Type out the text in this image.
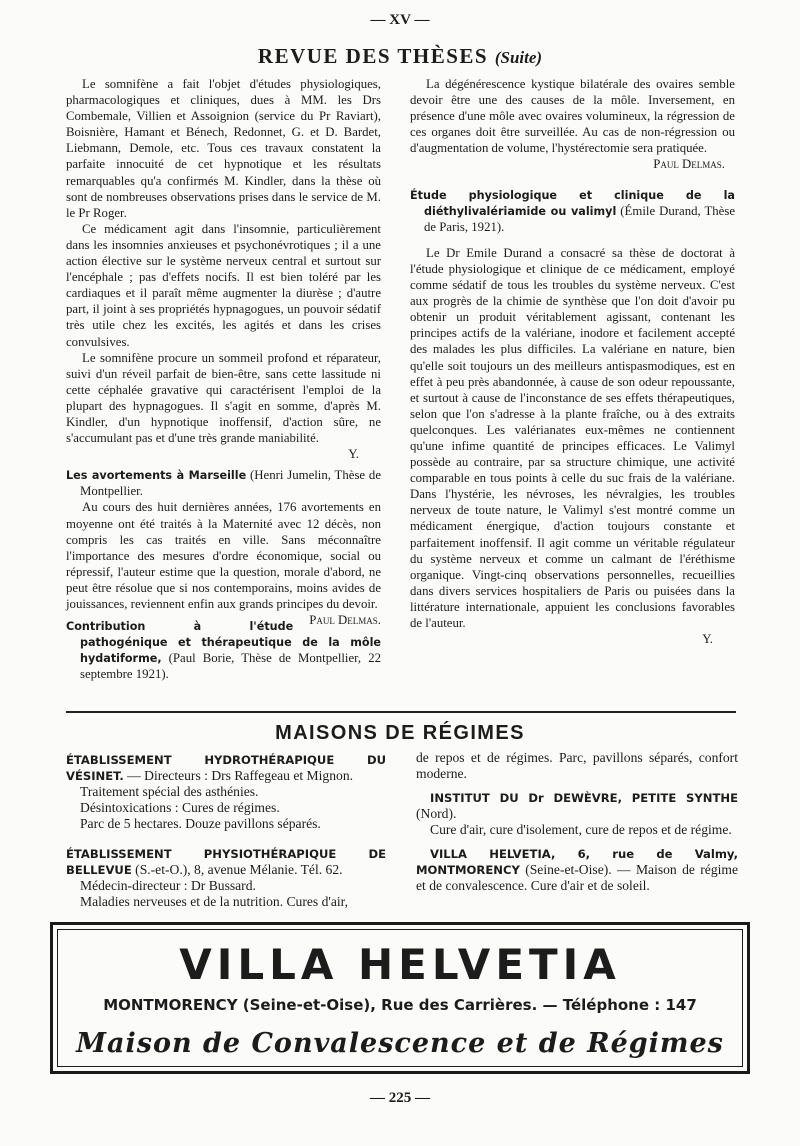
— XV —
REVUE DES THÈSES (Suite)

Le somnifène a fait l'objet d'études physiologiques, pharmacologiques et cliniques, dues à MM. les Drs Combemale, Villien et Assoignion (service du Pr Raviart), Boisnière, Hamant et Bénech, Redonnet, G. et D. Bardet, Liebmann, Demole, etc. Tous ces travaux constatent la parfaite innocuité de cet hypnotique et les résultats remarquables qu'a confirmés M. Kindler, dans la thèse où sont de nombreuses observations prises dans le service de M. le Pr Roger.

Ce médicament agit dans l'insomnie, particulièrement dans les insomnies anxieuses et psychonévrotiques ; il a une action élective sur le système nerveux central et surtout sur l'encéphale ; pas d'effets nocifs. Il est bien toléré par les cardiaques et il paraît même augmenter la diurèse ; d'autre part, il joint à ses propriétés hypnagogues, un pouvoir sédatif très utile chez les excités, les agités et dans les crises convulsives.

Le somnifène procure un sommeil profond et réparateur, suivi d'un réveil parfait de bien-être, sans cette lassitude ni cette céphalée gravative qui caractérisent l'emploi de la plupart des hypnagogues. Il s'agit en somme, d'après M. Kindler, d'un hypnotique inoffensif, d'action sûre, ne s'accumulant pas et d'une très grande maniabilité.

Y.

Les avortements à Marseille (Henri Jumelin, Thèse de Montpellier.

Au cours des huit dernières années, 176 avortements en moyenne ont été traités à la Maternité avec 12 décès, non compris les cas traités en ville. Sans méconnaître l'importance des mesures d'ordre économique, social ou répressif, l'auteur estime que la question, morale d'abord, ne peut être résolue que si nos contemporains, moins avides de jouissances, reviennent enfin aux grands principes du devoir.
Paul Delmas.

Contribution à l'étude pathogénique et thérapeutique de la môle hydatiforme, (Paul Borie, Thèse de Montpellier, 22 septembre 1921).

La dégénérescence kystique bilatérale des ovaires semble devoir être une des causes de la môle. Inversement, en présence d'une môle avec ovaires volumineux, la régression de ces organes doit être surveillée. Au cas de non-régression ou d'augmentation de volume, l'hystérectomie sera pratiquée.

Paul Delmas.

Étude physiologique et clinique de la diéthylivalériamide ou valimyl (Émile Durand, Thèse de Paris, 1921).

Le Dr Emile Durand a consacré sa thèse de doctorat à l'étude physiologique et clinique de ce médicament, employé comme sédatif de tous les troubles du système nerveux. C'est aux progrès de la chimie de synthèse que l'on doit d'avoir pu obtenir un produit véritablement agissant, contenant les principes actifs de la valériane, inodore et facilement accepté des malades les plus difficiles. La valériane en nature, bien qu'elle soit toujours un des meilleurs antispasmodiques, est en effet à peu près abandonnée, à cause de son odeur repoussante, et surtout à cause de l'inconstance de ses effets thérapeutiques, selon que l'on s'adresse à la plante fraîche, ou à des extraits quelconques. Les valérianates eux-mêmes ne contiennent qu'une infime quantité de principes efficaces. Le Valimyl possède au contraire, par sa structure chimique, une activité comparable en tous points à celle du suc frais de la valériane. Dans l'hystérie, les névroses, les névralgies, les troubles nerveux de toute nature, le Valimyl s'est montré comme un médicament énergique, d'action toujours constante et parfaitement inoffensif. Il agit comme un véritable régulateur du système nerveux et comme un calmant de l'éréthisme organique. Vingt-cinq observations personnelles, recueillies dans divers services hospitaliers de Paris ou puisées dans la littérature internationale, appuient les conclusions favorables de l'auteur.

Y.

MAISONS DE RÉGIMES

ÉTABLISSEMENT HYDROTHÉRAPIQUE DU VÉSINET. — Directeurs : Drs Raffegeau et Mignon.

Traitement spécial des asthénies.

Désintoxications : Cures de régimes.

Parc de 5 hectares. Douze pavillons séparés.

ÉTABLISSEMENT PHYSIOTHÉRAPIQUE DE BELLEVUE (S.-et-O.), 8, avenue Mélanie. Tél. 62.

Médecin-directeur : Dr Bussard.

Maladies nerveuses et de la nutrition. Cures d'air,

de repos et de régimes. Parc, pavillons séparés, confort moderne.

INSTITUT DU Dr DEWÈVRE, PETITE SYNTHE (Nord).

Cure d'air, cure d'isolement, cure de repos et de régime.

VILLA HELVETIA, 6, rue de Valmy, MONTMORENCY (Seine-et-Oise). — Maison de régime et de convalescence. Cure d'air et de soleil.

VILLA HELVETIA
MONTMORENCY (Seine-et-Oise), Rue des Carrières. — Téléphone : 147
Maison de Convalescence et de Régimes
— 225 —
